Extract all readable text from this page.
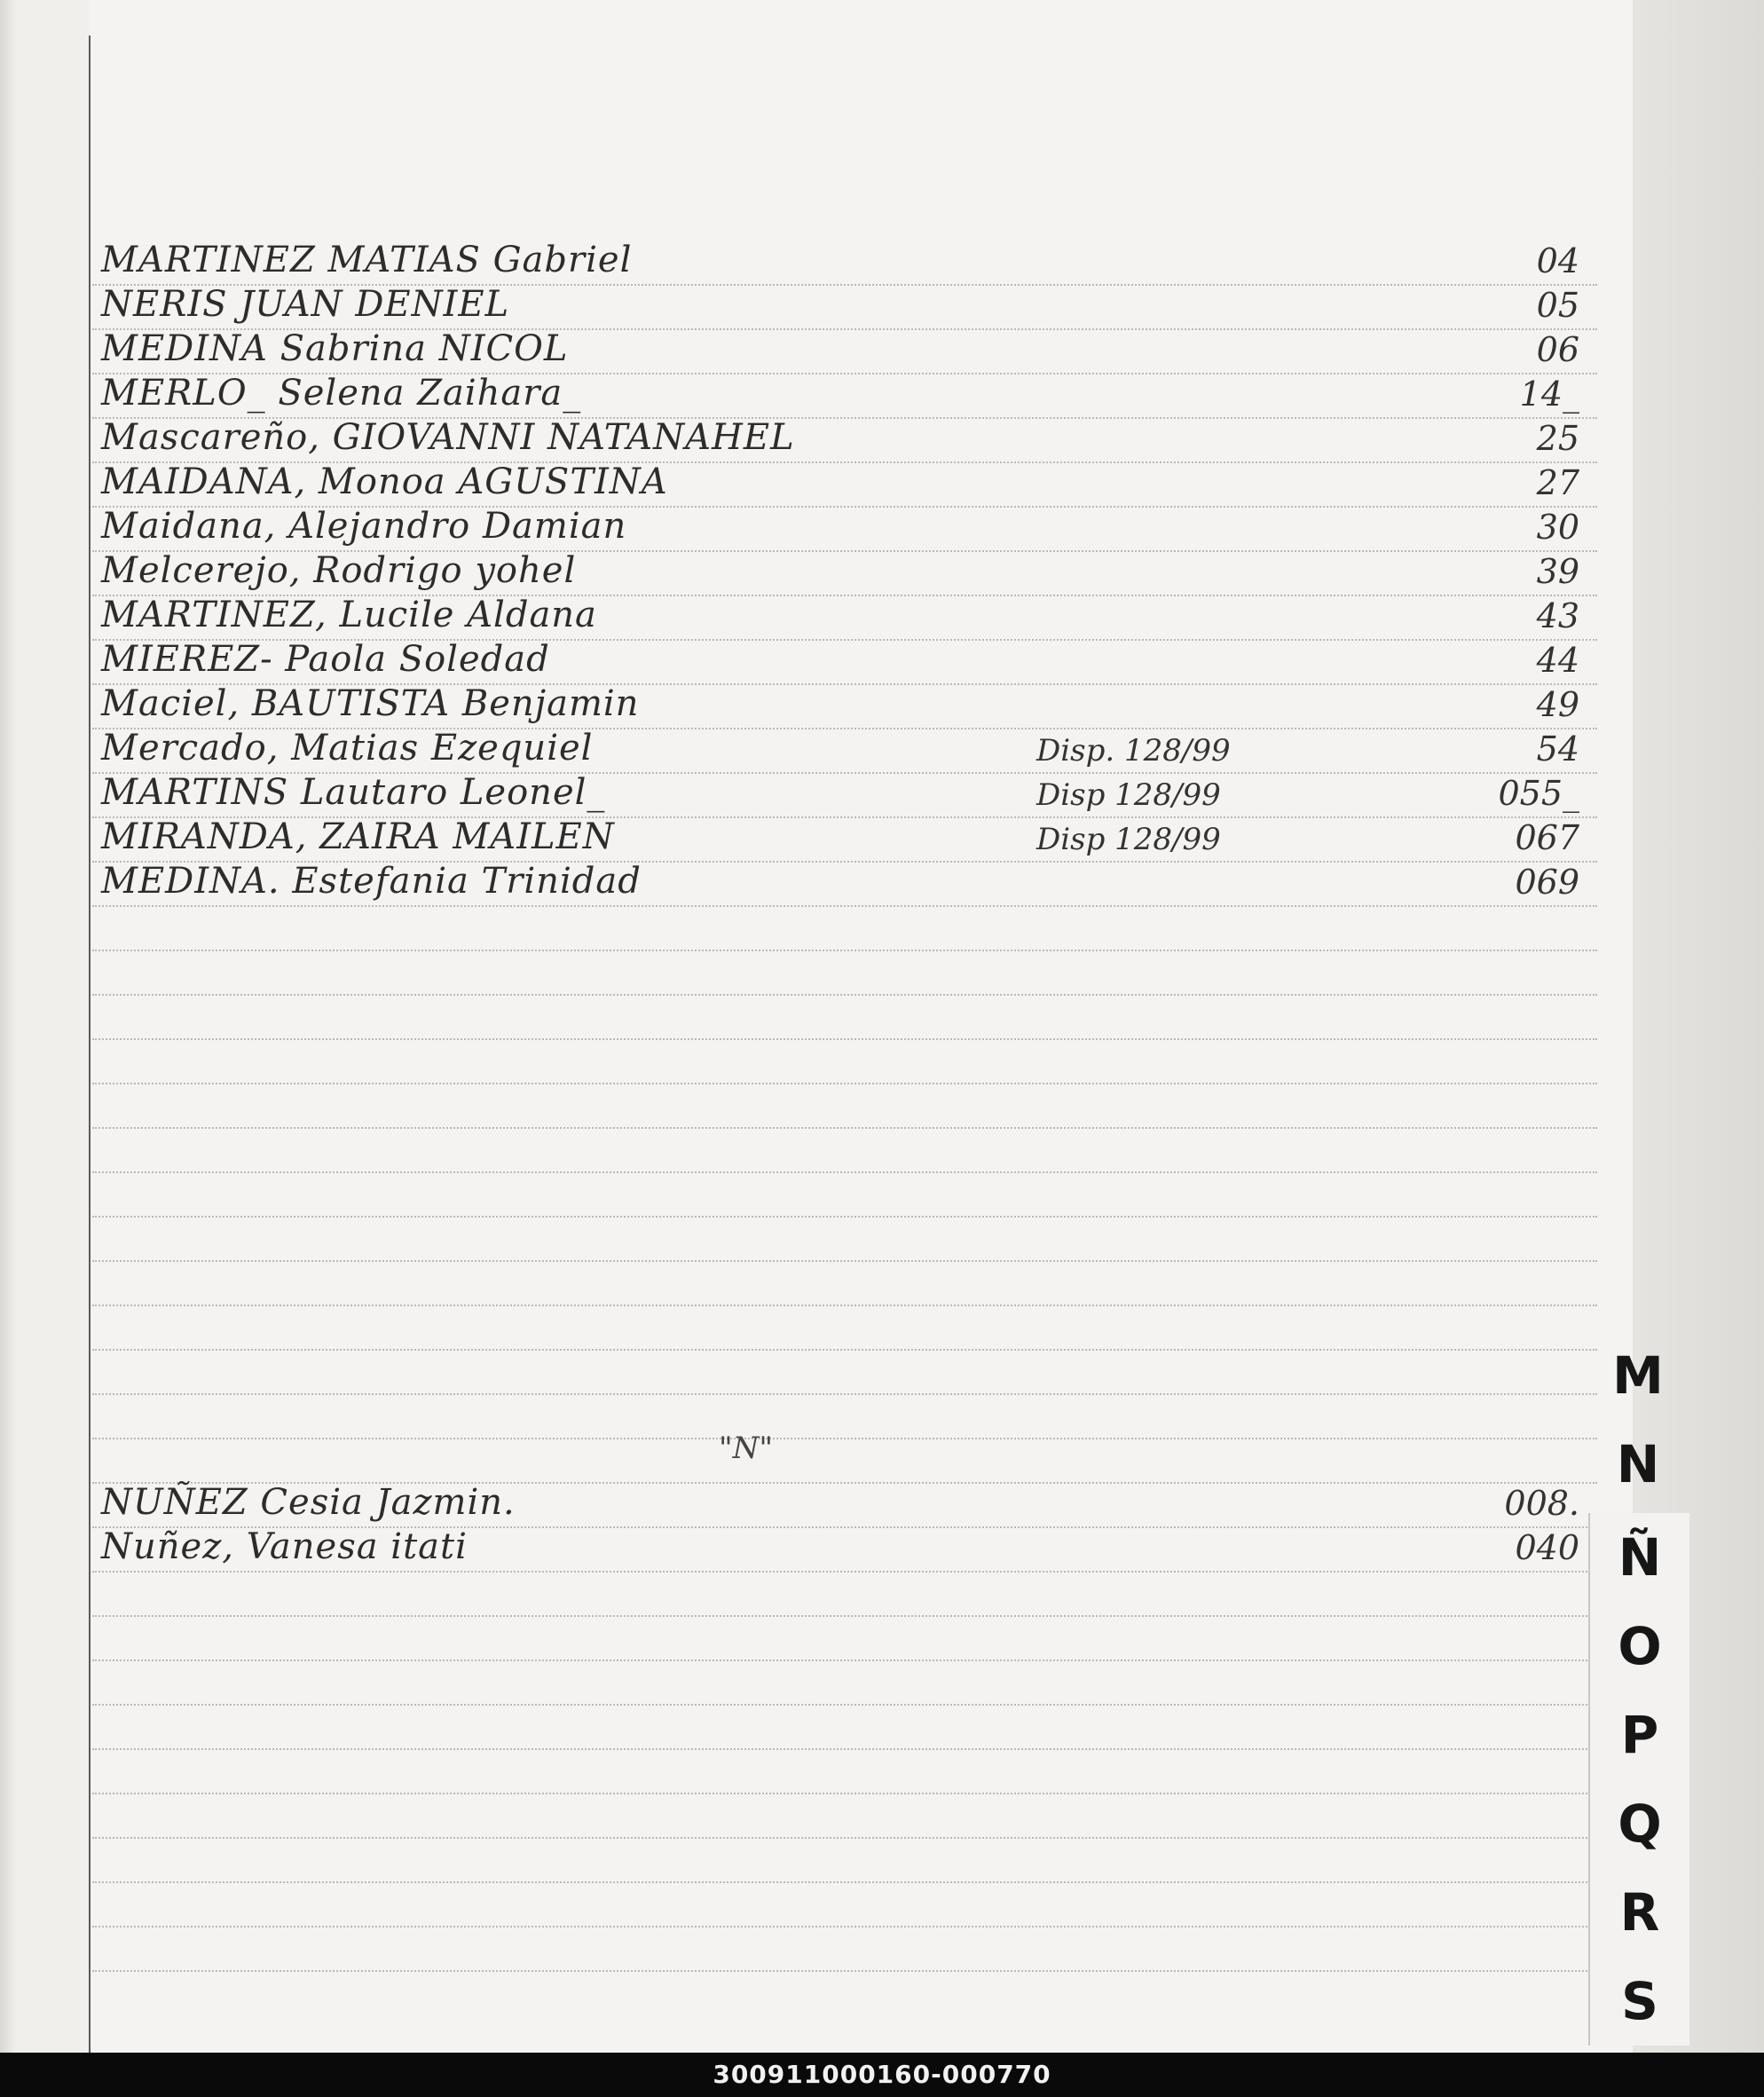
MARTINEZ MATIAS Gabriel	04
NERIS JUAN DENIEL	05
MEDINA Sabrina NICOL	06
MERLO_ Selena Zaihara_	14_
Mascareño, GIOVANNI NATANAHEL	25
MAIDANA, Monoa AGUSTINA	27
Maidana, Alejandro Damian	30
Melcerejo, Rodrigo yohel	39
MARTINEZ, Lucile Aldana	43
MIEREZ- Paola Soledad	44
Maciel, BAUTISTA Benjamin	49
Mercado, Matias Ezequiel	Disp. 128/99	54
MARTINS Lautaro Leonel_	Disp 128/99	055_
MIRANDA, ZAIRA MAILEN	Disp 128/99	067
MEDINA. Estefania Trinidad	069
"N"
NUÑEZ Cesia Jazmin.	008.
Nuñez, Vanesa itati	040
M
N
Ñ
O
P
Q
R
S
300911000160-000770
